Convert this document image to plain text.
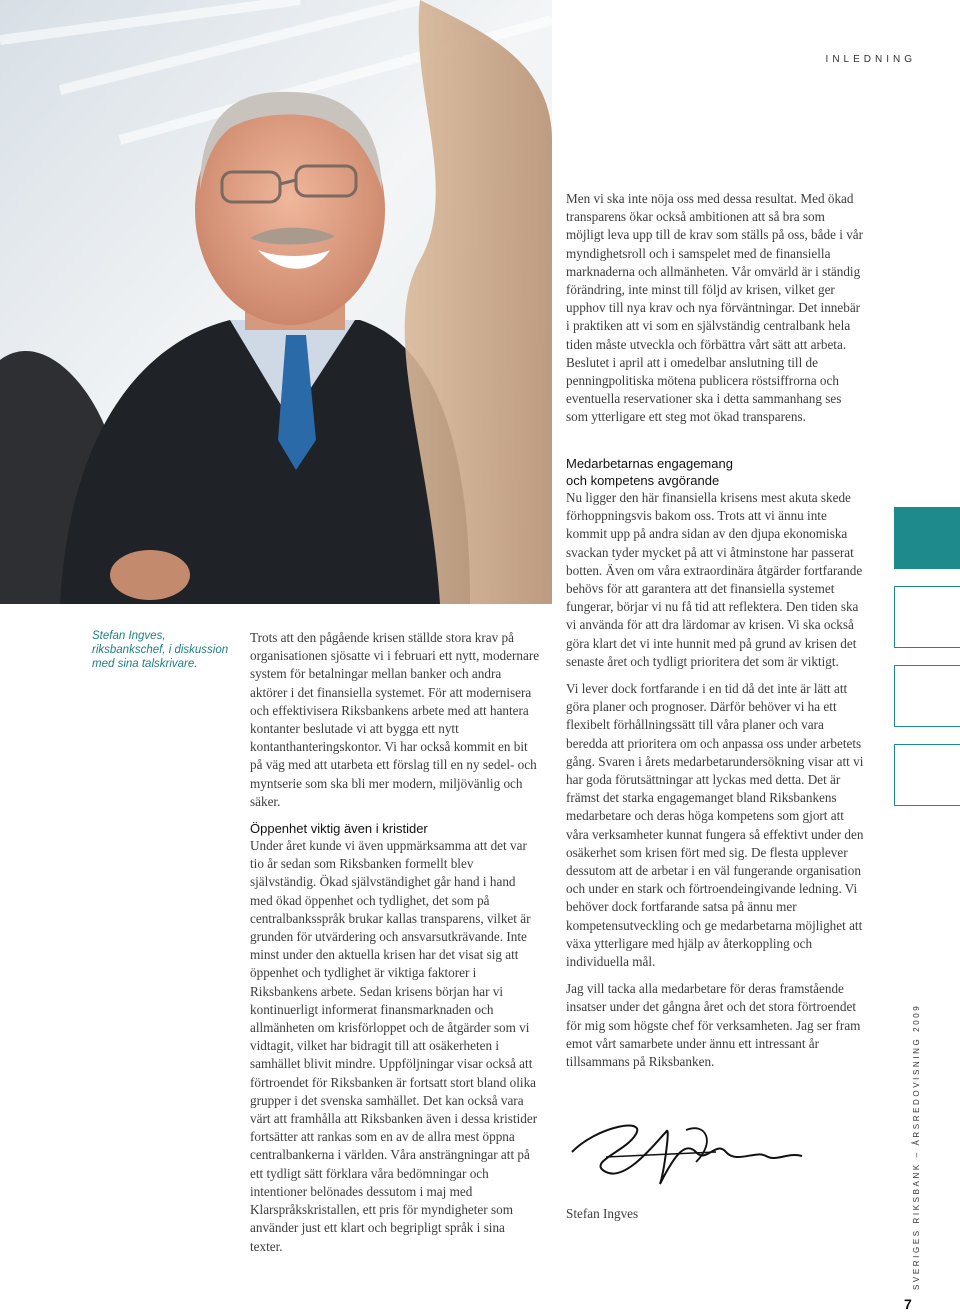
INLEDNING
Stefan Ingves, riksbankschef, i diskussion med sina talskrivare.

Trots att den pågående krisen ställde stora krav på organisationen sjösatte vi i februari ett nytt, modernare system för betalningar mellan banker och andra aktörer i det finansiella systemet. För att modernisera och effektivisera Riksbankens arbete med att hantera kontanter beslutade vi att bygga ett nytt kontanthanteringskontor. Vi har också kommit en bit på väg med att utarbeta ett förslag till en ny sedel- och myntserie som ska bli mer modern, miljövänlig och säker.

Öppenhet viktig även i kristider

Under året kunde vi även uppmärksamma att det var tio år sedan som Riksbanken formellt blev självständig. Ökad självständighet går hand i hand med ökad öppenhet och tydlighet, det som på centralbanksspråk brukar kallas transparens, vilket är grunden för utvärdering och ansvarsutkrävande. Inte minst under den aktuella krisen har det visat sig att öppenhet och tydlighet är viktiga faktorer i Riksbankens arbete. Sedan krisens början har vi kontinuerligt informerat finansmarknaden och allmänheten om krisförloppet och de åtgärder som vi vidtagit, vilket har bidragit till att osäkerheten i samhället blivit mindre. Uppföljningar visar också att förtroendet för Riksbanken är fortsatt stort bland olika grupper i det svenska samhället. Det kan också vara värt att framhålla att Riksbanken även i dessa kristider fortsätter att rankas som en av de allra mest öppna centralbankerna i världen. Våra ansträngningar att på ett tydligt sätt förklara våra bedömningar och intentioner belönades dessutom i maj med Klarspråkskristallen, ett pris för myndigheter som använder just ett klart och begripligt språk i sina texter.

Men vi ska inte nöja oss med dessa resultat. Med ökad transparens ökar också ambitionen att så bra som möjligt leva upp till de krav som ställs på oss, både i vår myndighetsroll och i samspelet med de finansiella marknaderna och allmänheten. Vår omvärld är i ständig förändring, inte minst till följd av krisen, vilket ger upphov till nya krav och nya förväntningar. Det innebär i praktiken att vi som en självständig centralbank hela tiden måste utveckla och förbättra vårt sätt att arbeta. Beslutet i april att i omedelbar anslutning till de penningpolitiska mötena publicera röstsiffrorna och eventuella reservationer ska i detta sammanhang ses som ytterligare ett steg mot ökad transparens.

Medarbetarnas engagemang
och kompetens avgörande

Nu ligger den här finansiella krisens mest akuta skede förhoppningsvis bakom oss. Trots att vi ännu inte kommit upp på andra sidan av den djupa ekonomiska svackan tyder mycket på att vi åtminstone har passerat botten. Även om våra extraordinära åtgärder fortfarande behövs för att garantera att det finansiella systemet fungerar, börjar vi nu få tid att reflektera. Den tiden ska vi använda för att dra lärdomar av krisen. Vi ska också göra klart det vi inte hunnit med på grund av krisen det senaste året och tydligt prioritera det som är viktigt.

Vi lever dock fortfarande i en tid då det inte är lätt att göra planer och prognoser. Därför behöver vi ha ett flexibelt förhållningssätt till våra planer och vara beredda att prioritera om och anpassa oss under arbetets gång. Svaren i årets medarbetarundersökning visar att vi har goda förutsättningar att lyckas med detta. Det är främst det starka engagemanget bland Riksbankens medarbetare och deras höga kompetens som gjort att våra verksamheter kunnat fungera så effektivt under den osäkerhet som krisen fört med sig. De flesta upplever dessutom att de arbetar i en väl fungerande organisation och under en stark och förtroendeingivande ledning. Vi behöver dock fortfarande satsa på ännu mer kompetensutveckling och ge medarbetarna möjlighet att växa ytterligare med hjälp av återkoppling och individuella mål.

Jag vill tacka alla medarbetare för deras framstående insatser under det gångna året och det stora förtroendet för mig som högste chef för verksamheten. Jag ser fram emot vårt samarbete under ännu ett intressant år tillsammans på Riksbanken.

Stefan Ingves	SVERIGES RIKSBANK – ÅRSREDOVISNING 2009
7
